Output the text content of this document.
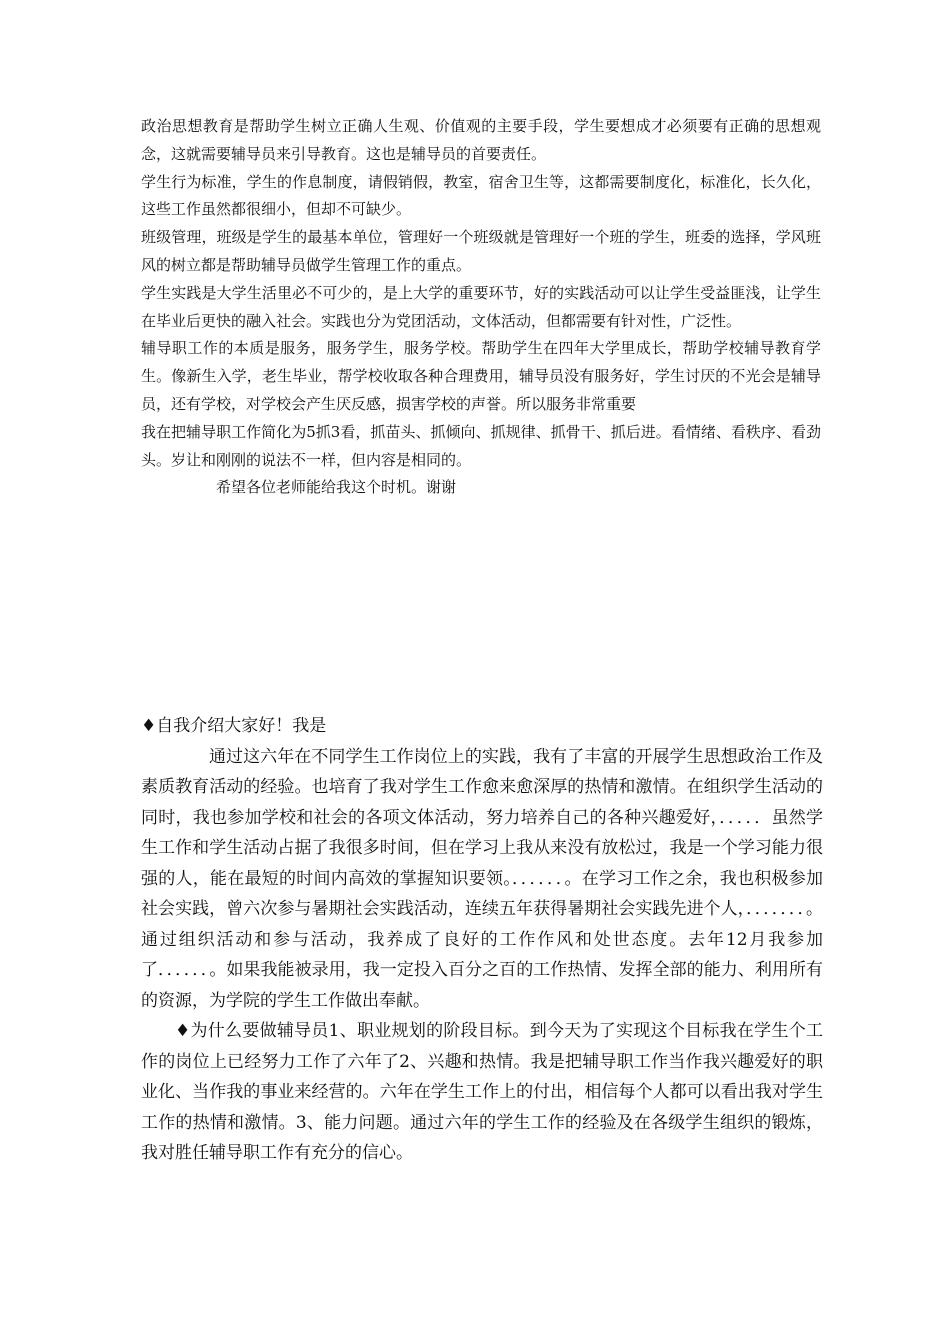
政治思想教育是帮助学生树立正确人生观、价值观的主要手段，学生要想成才必须要有正确的思想观念，这就需要辅导员来引导教育。这也是辅导员的首要责任。

学生行为标准，学生的作息制度，请假销假，教室，宿舍卫生等，这都需要制度化，标准化，长久化，这些工作虽然都很细小，但却不可缺少。

班级管理，班级是学生的最基本单位，管理好一个班级就是管理好一个班的学生，班委的选择，学风班风的树立都是帮助辅导员做学生管理工作的重点。

学生实践是大学生活里必不可少的，是上大学的重要环节，好的实践活动可以让学生受益匪浅，让学生在毕业后更快的融入社会。实践也分为党团活动，文体活动，但都需要有针对性，广泛性。

辅导职工作的本质是服务，服务学生，服务学校。帮助学生在四年大学里成长，帮助学校辅导教育学生。像新生入学，老生毕业，帮学校收取各种合理费用，辅导员没有服务好，学生讨厌的不光会是辅导员，还有学校，对学校会产生厌反感，损害学校的声誉。所以服务非常重要

我在把辅导职工作简化为5抓3看，抓苗头、抓倾向、抓规律、抓骨干、抓后进。看情绪、看秩序、看劲头。岁让和刚刚的说法不一样，但内容是相同的。

希望各位老师能给我这个时机。谢谢

♦自我介绍大家好！我是

通过这六年在不同学生工作岗位上的实践，我有了丰富的开展学生思想政治工作及素质教育活动的经验。也培育了我对学生工作愈来愈深厚的热情和激情。在组织学生活动的同时，我也参加学校和社会的各项文体活动，努力培养自己的各种兴趣爱好，．．．．．虽然学生工作和学生活动占据了我很多时间，但在学习上我从来没有放松过，我是一个学习能力很强的人，能在最短的时间内高效的掌握知识要领。．．．．．．。在学习工作之余，我也积极参加社会实践，曾六次参与暑期社会实践活动，连续五年获得暑期社会实践先进个人，．．．．．．．。通过组织活动和参与活动，我养成了良好的工作作风和处世态度。去年12月我参加了．．．．．．。如果我能被录用，我一定投入百分之百的工作热情、发挥全部的能力、利用所有的资源，为学院的学生工作做出奉献。

♦为什么要做辅导员1、职业规划的阶段目标。到今天为了实现这个目标我在学生个工作的岗位上已经努力工作了六年了2、兴趣和热情。我是把辅导职工作当作我兴趣爱好的职业化、当作我的事业来经营的。六年在学生工作上的付出，相信每个人都可以看出我对学生工作的热情和激情。3、能力问题。通过六年的学生工作的经验及在各级学生组织的锻炼，我对胜任辅导职工作有充分的信心。
